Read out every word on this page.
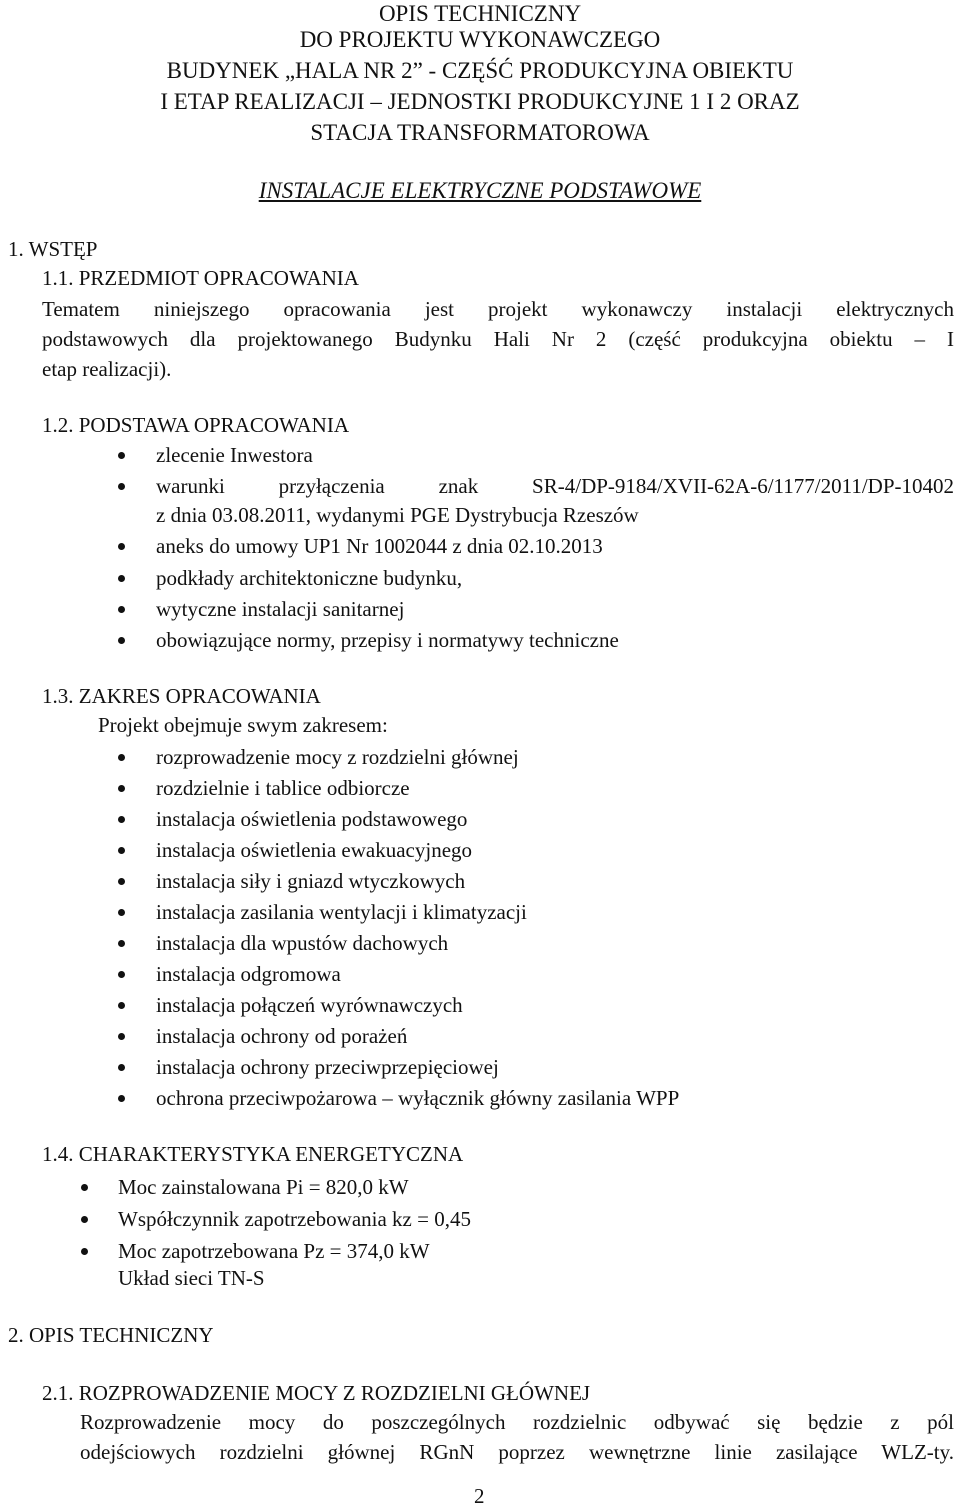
OPIS TECHNICZNY
DO PROJEKTU WYKONAWCZEGO
BUDYNEK „HALA NR 2” - CZĘŚĆ PRODUKCYJNA OBIEKTU
I ETAP REALIZACJI – JEDNOSTKI PRODUKCYJNE 1 I 2 ORAZ
STACJA TRANSFORMATOROWA
INSTALACJE ELEKTRYCZNE PODSTAWOWE
1. WSTĘP
1.1. PRZEDMIOT OPRACOWANIA
Tematem niniejszego opracowania jest projekt wykonawczy instalacji elektrycznych
podstawowych dla projektowanego Budynku Hali Nr 2 (część produkcyjna obiektu – I
etap realizacji).
1.2. PODSTAWA OPRACOWANIA
zlecenie Inwestora
warunki przyłączenia znak SR-4/DP-9184/XVII-62A-6/1177/2011/DP-10402
z dnia 03.08.2011, wydanymi PGE Dystrybucja Rzeszów
aneks do umowy UP1 Nr 1002044 z dnia 02.10.2013
podkłady architektoniczne budynku,
wytyczne instalacji sanitarnej
obowiązujące normy, przepisy i normatywy techniczne
1.3. ZAKRES OPRACOWANIA
Projekt obejmuje swym zakresem:
rozprowadzenie mocy z rozdzielni głównej
rozdzielnie i tablice odbiorcze
instalacja oświetlenia podstawowego
instalacja oświetlenia ewakuacyjnego
instalacja siły i gniazd wtyczkowych
instalacja zasilania wentylacji i klimatyzacji
instalacja dla wpustów dachowych
instalacja odgromowa
instalacja połączeń wyrównawczych
instalacja ochrony od porażeń
instalacja ochrony przeciwprzepięciowej
ochrona przeciwpożarowa – wyłącznik główny zasilania WPP
1.4. CHARAKTERYSTYKA ENERGETYCZNA
Moc zainstalowana Pi = 820,0 kW
Współczynnik zapotrzebowania kz = 0,45
Moc zapotrzebowana Pz = 374,0 kW
Układ sieci TN-S
2. OPIS TECHNICZNY
2.1. ROZPROWADZENIE MOCY Z ROZDZIELNI GŁÓWNEJ
Rozprowadzenie mocy do poszczególnych rozdzielnic odbywać się będzie z pól
odejściowych rozdzielni głównej RGnN poprzez wewnętrzne linie zasilające WLZ-ty.
2
